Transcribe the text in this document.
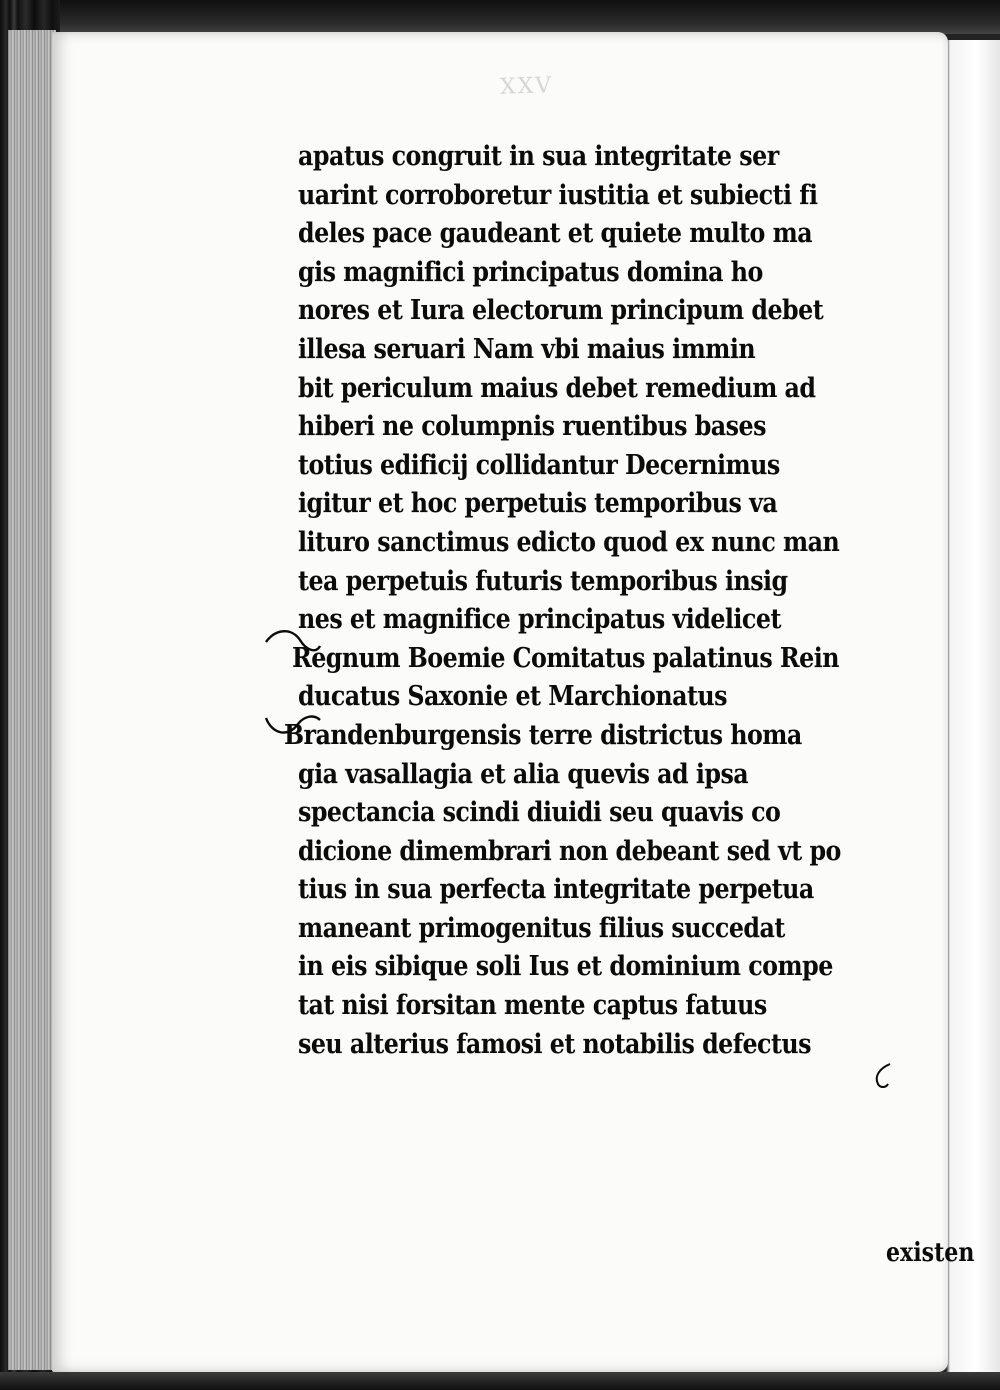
XXV
apatus congruit in sua integritate ser
uarint corroboretur iustitia et subiecti fi
deles pace gaudeant et quiete multo ma
gis magnifici principatus domina ho
nores et Iura electorum principum debet
illesa seruari Nam vbi maius immin
bit periculum maius debet remedium ad
hiberi ne columpnis ruentibus bases
totius edificij collidantur Decernimus
igitur et hoc perpetuis temporibus va
lituro sanctimus edicto quod ex nunc man
tea perpetuis futuris temporibus insig
nes et magnifice principatus videlicet
Regnum Boemie Comitatus palatinus Rein
ducatus Saxonie et Marchionatus
Brandenburgensis terre districtus homa
gia vasallagia et alia quevis ad ipsa
spectancia scindi diuidi seu quavis co
dicione dimembrari non debeant sed vt po
tius in sua perfecta integritate perpetua
maneant primogenitus filius succedat
in eis sibique soli Ius et dominium compe
tat nisi forsitan mente captus fatuus
seu alterius famosi et notabilis defectus
existen
